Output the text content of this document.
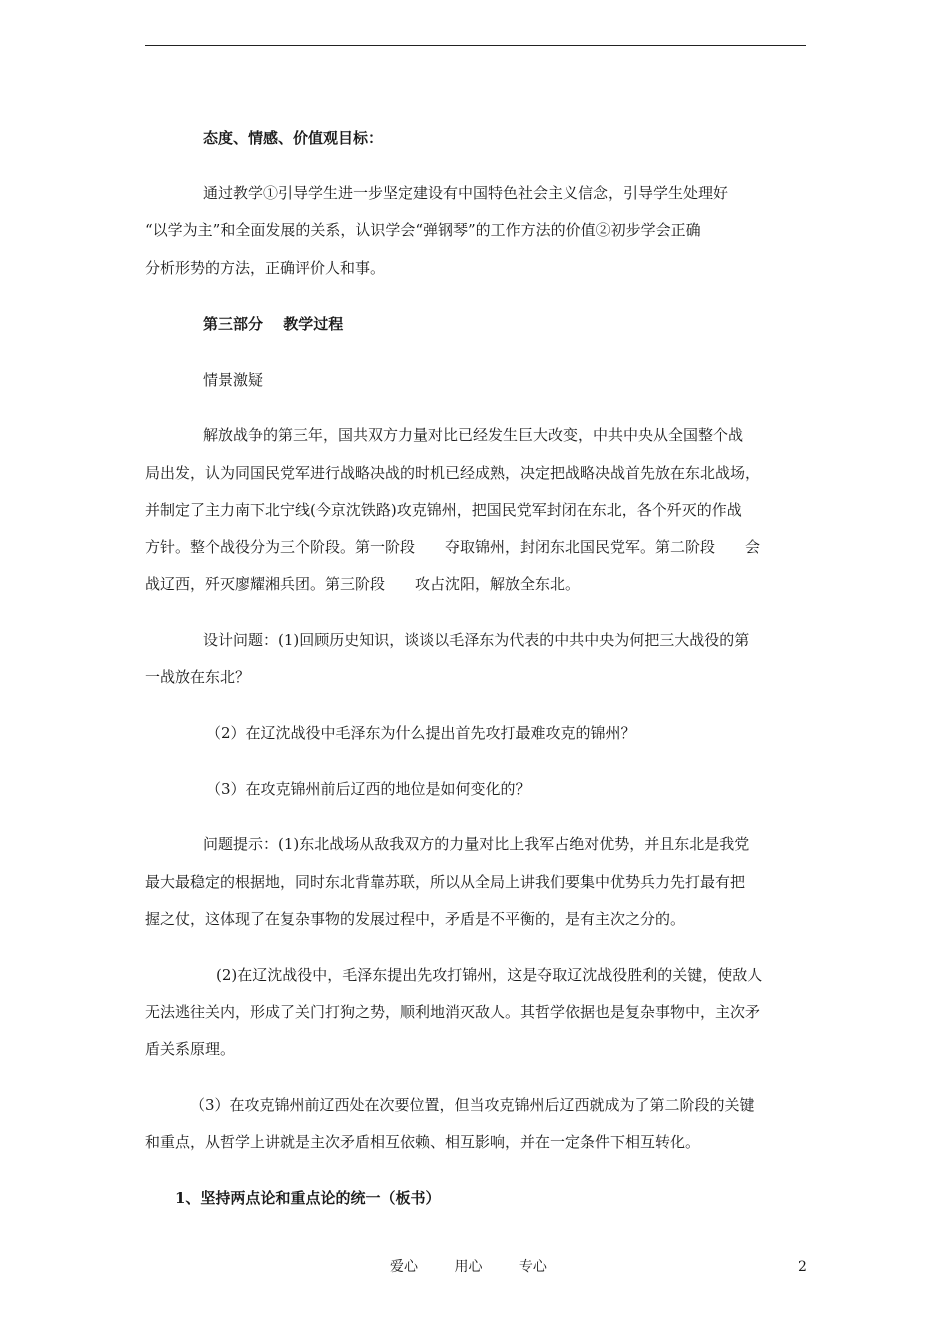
态度、情感、价值观目标：
通过教学①引导学生进一步坚定建设有中国特色社会主义信念，引导学生处理好
“以学为主”和全面发展的关系，认识学会“弹钢琴”的工作方法的价值②初步学会正确
分析形势的方法，正确评价人和事。
第三部分　 教学过程
情景激疑
解放战争的第三年，国共双方力量对比已经发生巨大改变，中共中央从全国整个战
局出发，认为同国民党军进行战略决战的时机已经成熟，决定把战略决战首先放在东北战场，
并制定了主力南下北宁线(今京沈铁路)攻克锦州，把国民党军封闭在东北，各个歼灭的作战
方针。整个战役分为三个阶段。第一阶段　　夺取锦州，封闭东北国民党军。第二阶段　　会
战辽西，歼灭廖耀湘兵团。第三阶段　　攻占沈阳，解放全东北。
设计问题：(1)回顾历史知识，谈谈以毛泽东为代表的中共中央为何把三大战役的第
一战放在东北？
（2）在辽沈战役中毛泽东为什么提出首先攻打最难攻克的锦州？
（3）在攻克锦州前后辽西的地位是如何变化的？
问题提示：(1)东北战场从敌我双方的力量对比上我军占绝对优势，并且东北是我党
最大最稳定的根据地，同时东北背靠苏联，所以从全局上讲我们要集中优势兵力先打最有把
握之仗，这体现了在复杂事物的发展过程中，矛盾是不平衡的，是有主次之分的。
(2)在辽沈战役中，毛泽东提出先攻打锦州，这是夺取辽沈战役胜利的关键，使敌人
无法逃往关内，形成了关门打狗之势，顺利地消灭敌人。其哲学依据也是复杂事物中，主次矛
盾关系原理。
（3）在攻克锦州前辽西处在次要位置，但当攻克锦州后辽西就成为了第二阶段的关键
和重点，从哲学上讲就是主次矛盾相互依赖、相互影响，并在一定条件下相互转化。
1、坚持两点论和重点论的统一（板书）
爱心	用心	专心	2
